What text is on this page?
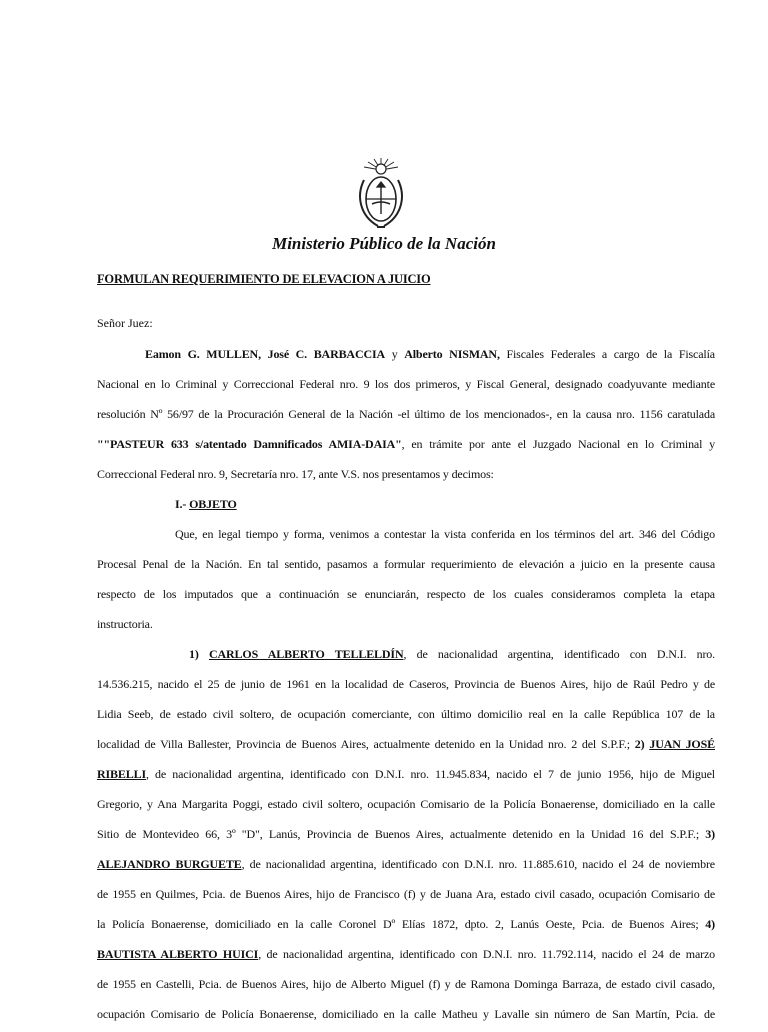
Ministerio Público de la Nación
FORMULAN REQUERIMIENTO DE ELEVACION A JUICIO
Señor Juez:
Eamon G. MULLEN, José C. BARBACCIA y Alberto NISMAN, Fiscales Federales a cargo de la Fiscalía
Nacional en lo Criminal y Correccional Federal nro. 9 los dos primeros, y Fiscal General, designado coadyuvante mediante
resolución Nº 56/97 de la Procuración General de la Nación -el último de los mencionados-, en la causa nro. 1156 caratulada
""PASTEUR 633 s/atentado Damnificados AMIA-DAIA", en trámite por ante el Juzgado Nacional en lo Criminal y
Correccional Federal nro. 9, Secretaría nro. 17, ante V.S. nos presentamos y decimos:
I.- OBJETO
Que, en legal tiempo y forma, venimos a contestar la vista conferida en los términos del art. 346 del Código
Procesal Penal de la Nación. En tal sentido, pasamos a formular requerimiento de elevación a juicio en la presente causa
respecto de los imputados que a continuación se enunciarán, respecto de los cuales consideramos completa la etapa
instructoria.
1) CARLOS ALBERTO TELLELDÍN, de nacionalidad argentina, identificado con D.N.I. nro.
14.536.215, nacido el 25 de junio de 1961 en la localidad de Caseros, Provincia de Buenos Aires, hijo de Raúl Pedro y de
Lidia Seeb, de estado civil soltero, de ocupación comerciante, con último domicilio real en la calle República 107 de la
localidad de Villa Ballester, Provincia de Buenos Aires, actualmente detenido en la Unidad nro. 2 del S.P.F.; 2) JUAN JOSÉ
RIBELLI, de nacionalidad argentina, identificado con D.N.I. nro. 11.945.834, nacido el 7 de junio 1956, hijo de Miguel
Gregorio, y Ana Margarita Poggi, estado civil soltero, ocupación Comisario de la Policía Bonaerense, domiciliado en la calle
Sitio de Montevideo 66, 3º "D", Lanús, Provincia de Buenos Aires, actualmente detenido en la Unidad 16 del S.P.F.; 3)
ALEJANDRO BURGUETE, de nacionalidad argentina, identificado con D.N.I. nro. 11.885.610, nacido el 24 de noviembre
de 1955 en Quilmes, Pcia. de Buenos Aires, hijo de Francisco (f) y de Juana Ara, estado civil casado, ocupación Comisario de
la Policía Bonaerense, domiciliado en la calle Coronel Dº Elías 1872, dpto. 2, Lanús Oeste, Pcia. de Buenos Aires; 4)
BAUTISTA ALBERTO HUICI, de nacionalidad argentina, identificado con D.N.I. nro. 11.792.114, nacido el 24 de marzo
de 1955 en Castelli, Pcia. de Buenos Aires, hijo de Alberto Miguel (f) y de Ramona Dominga Barraza, de estado civil casado,
ocupación Comisario de Policía Bonaerense, domiciliado en la calle Matheu y Lavalle sin número de San Martín, Pcia. de
